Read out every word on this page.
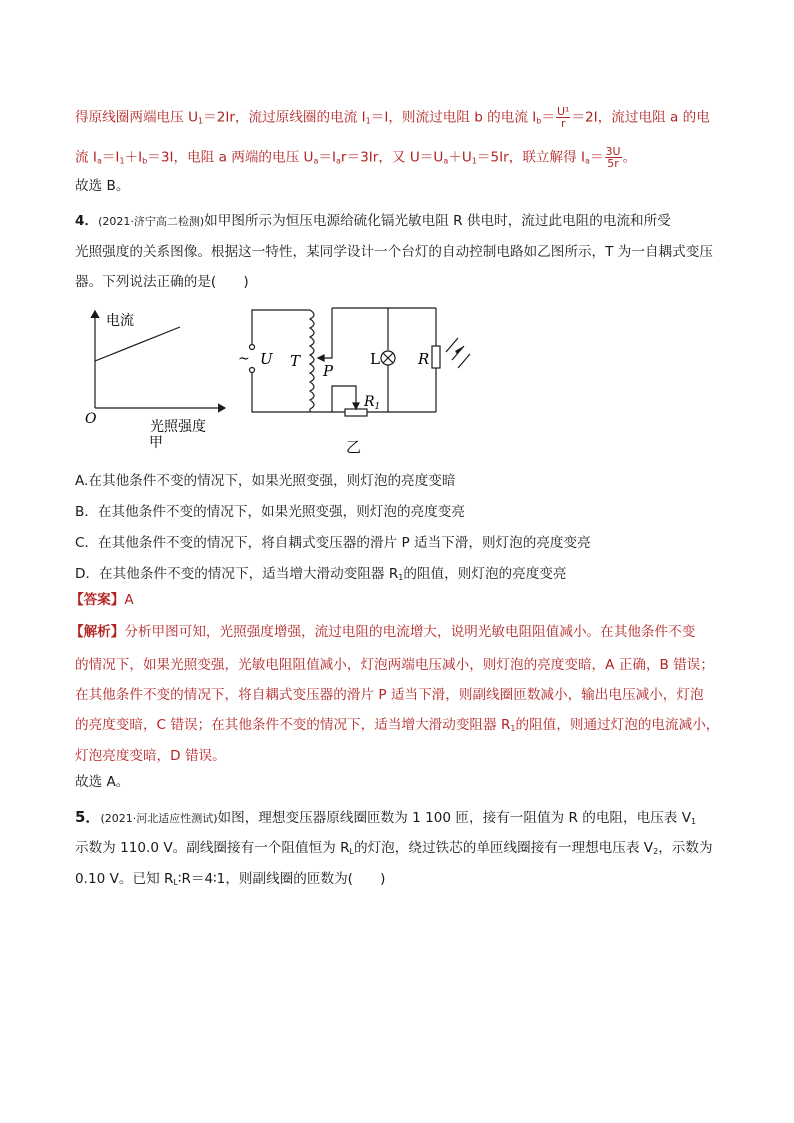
得原线圈两端电压 $U_1=2Ir$，流过原线圈的电流 $I_1=I$，则流过电阻 b 的电流 $I_b= \frac{\text{U¹}}{r} =2I$，流过电阻 a 的电
流 $I_a=I_1+I_b=3I$，电阻 a 两端的电压 $U_a=I_ar=3Ir$，又 $U=U_a+U_1=5Ir$，联立解得 $I_a= \frac{3U}{5r}$ 。
故选 B。
4．(2021·济宁高二检测)如甲图所示为恒压电源给硫化镉光敏电阻 R 供电时，流过此电阻的电流和所受
光照强度的关系图像。根据这一特性，某同学设计一个台灯的自动控制电路如乙图所示，T 为一自耦式变压
器。下列说法正确的是(　　)
电流
O	光照强度
甲
~ U T
P
L	R
$R_1$
乙
A.在其他条件不变的情况下，如果光照变强，则灯泡的亮度变暗
B．在其他条件不变的情况下，如果光照变强，则灯泡的亮度变亮
C．在其他条件不变的情况下，将自耦式变压器的滑片 P 适当下滑，则灯泡的亮度变亮
D．在其他条件不变的情况下，适当增大滑动变阻器 $R_1$的阻值，则灯泡的亮度变亮
【答案】A
【解析】分析甲图可知，光照强度增强，流过电阻的电流增大，说明光敏电阻阻值减小。在其他条件不变
的情况下，如果光照变强，光敏电阻阻值减小，灯泡两端电压减小，则灯泡的亮度变暗，A 正确，B 错误；
在其他条件不变的情况下，将自耦式变压器的滑片 P 适当下滑，则副线圈匝数减小，输出电压减小，灯泡
的亮度变暗，C 错误；在其他条件不变的情况下，适当增大滑动变阻器 $R_1$的阻值，则通过灯泡的电流减小，
灯泡亮度变暗，D 错误。
故选 A。
5．(2021·河北适应性测试)如图，理想变压器原线圈匝数为 1 100 匝，接有一阻值为 R 的电阻，电压表 $V_1$
示数为 110.0 V。副线圈接有一个阻值恒为 $R_L$的灯泡，绕过铁芯的单匝线圈接有一理想电压表 $V_2$，示数为
0.10 V。已知 $R_L∶R=4∶1$，则副线圈的匝数为(　　)
